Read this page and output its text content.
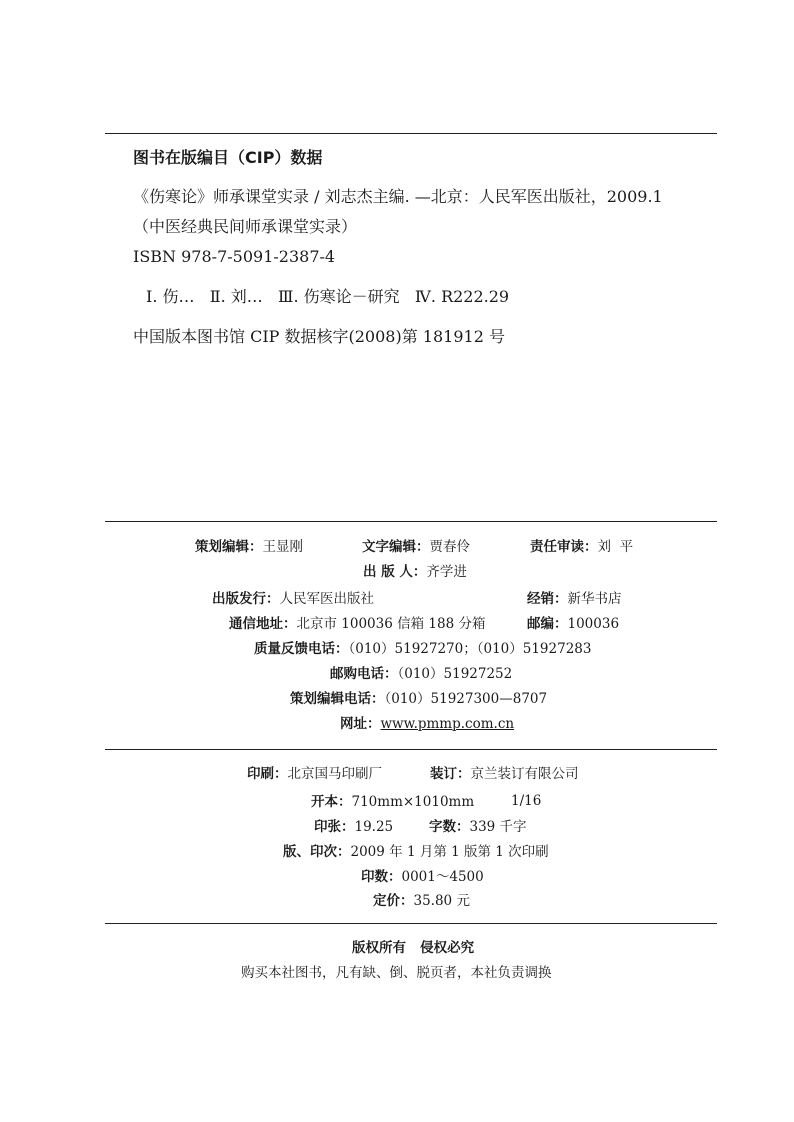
图书在版编目（CIP）数据
《伤寒论》师承课堂实录 / 刘志杰主编. —北京：人民军医出版社，2009.1
（中医经典民间师承课堂实录）
ISBN 978-7-5091-2387-4
Ⅰ. 伤…   Ⅱ. 刘…   Ⅲ. 伤寒论－研究   Ⅳ. R222.29
中国版本图书馆 CIP 数据核字(2008)第 181912 号
策划编辑：王显刚	文字编辑：贾春伶	责任审读：刘  平
出 版 人：齐学进
出版发行：人民军医出版社	经销：新华书店
通信地址：北京市 100036 信箱 188 分箱	邮编：100036
质量反馈电话：（010）51927270；（010）51927283
邮购电话：（010）51927252
策划编辑电话：（010）51927300—8707
网址：www.pmmp.com.cn
印刷：北京国马印刷厂	装订：京兰装订有限公司
开本：710mm×1010mm	1/16
印张：19.25	字数：339 千字
版、印次：2009 年 1 月第 1 版第 1 次印刷
印数：0001～4500
定价：35.80 元
版权所有   侵权必究
购买本社图书，凡有缺、倒、脱页者，本社负责调换
